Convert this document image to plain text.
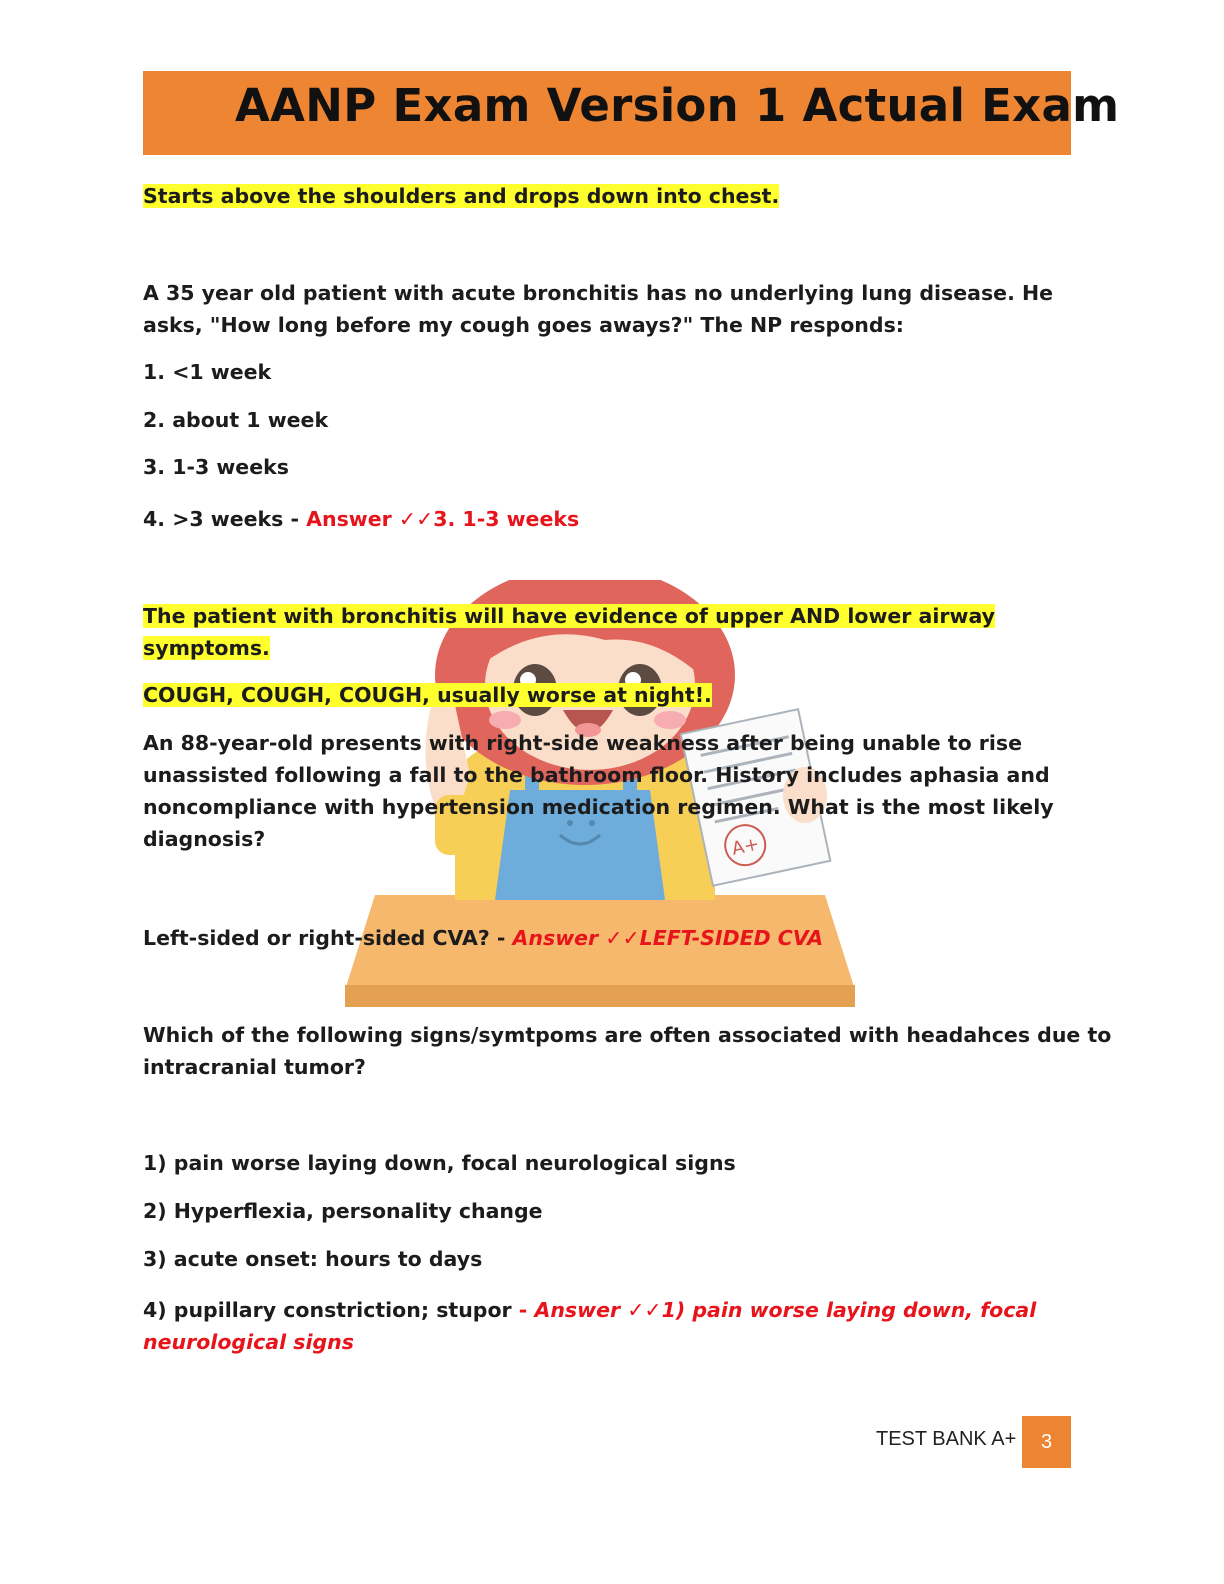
AANP Exam Version 1 Actual Exam
A+

Starts above the shoulders and drops down into chest.

A 35 year old patient with acute bronchitis has no underlying lung disease. He

asks, "How long before my cough goes aways?" The NP responds:

1. <1 week

2. about 1 week

3. 1-3 weeks

4. >3 weeks - Answer ✓✓3. 1-3 weeks

The patient with bronchitis will have evidence of upper AND lower airway

symptoms.

COUGH, COUGH, COUGH, usually worse at night!.

An 88-year-old presents with right-side weakness after being unable to rise

unassisted following a fall to the bathroom floor. History includes aphasia and

noncompliance with hypertension medication regimen. What is the most likely

diagnosis?

Left-sided or right-sided CVA? - Answer ✓✓LEFT-SIDED CVA

Which of the following signs/symtpoms are often associated with headahces due to

intracranial tumor?

1) pain worse laying down, focal neurological signs

2) Hyperflexia, personality change

3) acute onset: hours to days

4) pupillary constriction; stupor - Answer ✓✓1) pain worse laying down, focal

neurological signs

TEST BANK A+	3
